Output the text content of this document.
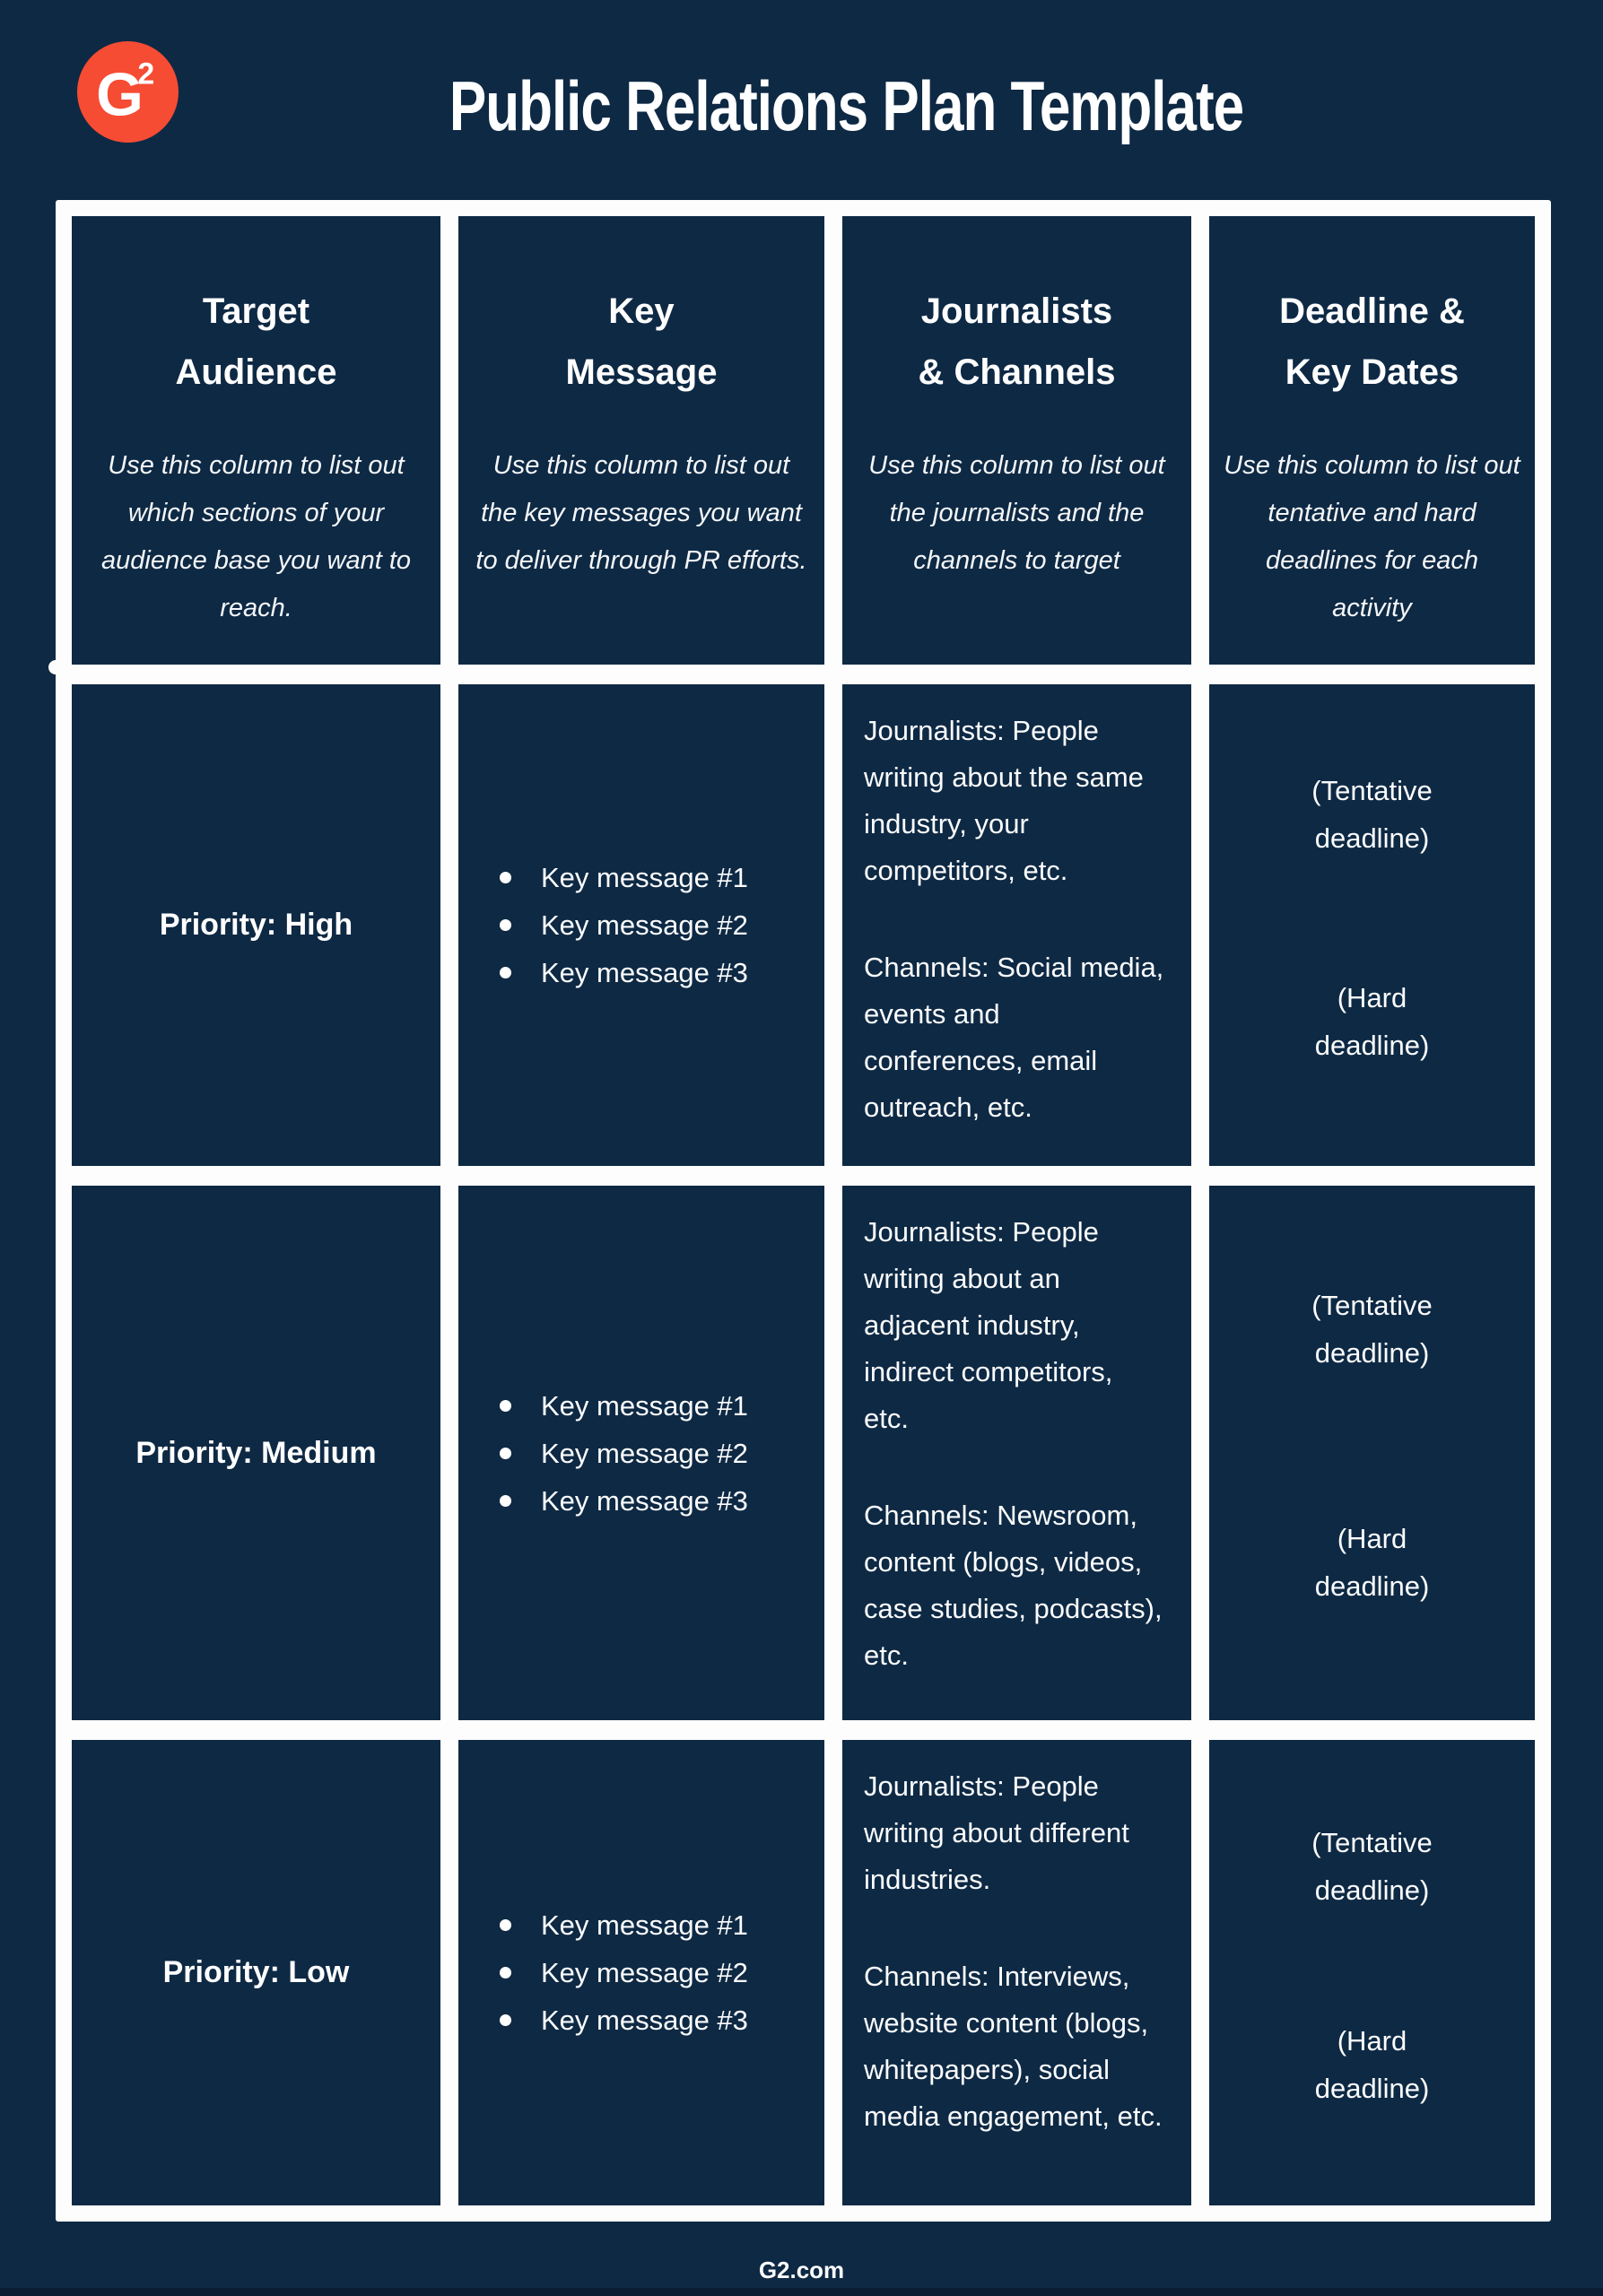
G
2	Public Relations Plan Template
Target
Audience
Use this column to list out which sections of your audience base you want to reach.
Key
Message
Use this column to list out the key messages you want to deliver through PR efforts.
Journalists
& Channels
Use this column to list out the journalists and the channels to target
Deadline &
Key Dates
Use this column to list out tentative and hard deadlines for each activity
Priority: High
Key message #1
Key message #2
Key message #3

Journalists: People writing about the same industry, your competitors, etc.

Channels: Social media, events and conferences, email outreach, etc.

(Tentative
deadline)
(Hard
deadline)
Priority: Medium
Key message #1
Key message #2
Key message #3

Journalists: People writing about an adjacent industry, indirect competitors, etc.

Channels: Newsroom, content (blogs, videos, case studies, podcasts), etc.

(Tentative
deadline)
(Hard
deadline)
Priority: Low
Key message #1
Key message #2
Key message #3

Journalists: People writing about different industries.

Channels: Interviews, website content (blogs, whitepapers), social media engagement, etc.

(Tentative
deadline)
(Hard
deadline)
G2.com
